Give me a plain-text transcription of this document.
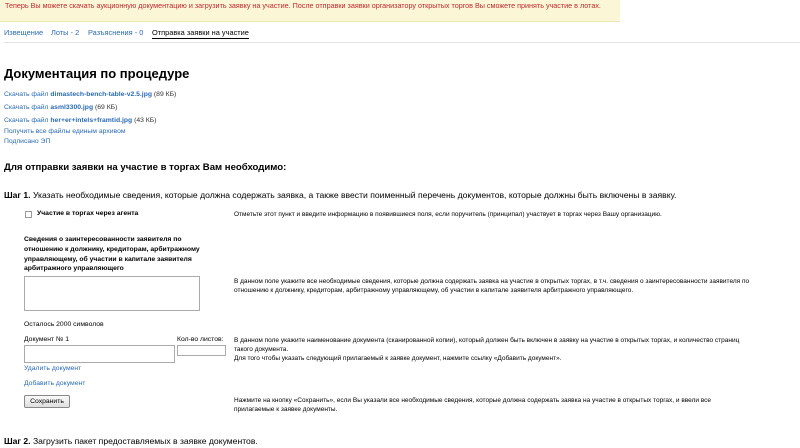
Теперь Вы можете скачать аукционную документацию и загрузить заявку на участие. После отправки заявки организатору открытых торгов Вы сможете принять участие в лотах.
Извещение Лоты - 2 Разъяснения - 0 Отправка заявки на участие
Документация по процедуре
Скачать файл dimastech-bench-table-v2.5.jpg (89 КБ)
Скачать файл asml3300.jpg (69 КБ)
Скачать файл her+er+intels+framtid.jpg (43 КБ)
Получить все файлы единым архивом
Подписано ЭП
Для отправки заявки на участие в торгах Вам необходимо:
Шаг 1. Указать необходимые сведения, которые должна содержать заявка, а также ввести поименный перечень документов, которые должны быть включены в заявку.
Участие в торгах через агента	Отметьте этот пункт и введите информацию в появившиеся поля, если поручитель (принципал) участвует в торгах через Вашу организацию.
Сведения о заинтересованности заявителя по
отношению к должнику, кредиторам, арбитражному
управляющему, об участии в капитале заявителя
арбитражного управляющего
В данном поле укажите все необходимые сведения, которые должна содержать заявка на участие в открытых торгах, в т.ч. сведения о заинтересованности заявителя по
отношению к должнику, кредиторам, арбитражному управляющему, об участии в капитале заявителя арбитражного управляющего.
Осталось 2000 символов
Документ № 1	Кол-во листов:
Удалить документ
Добавить документ
В данном поле укажите наименование документа (сканированной копии), который должен быть включен в заявку на участие в открытых торгах, и количество страниц
такого документа.
Для того чтобы указать следующий прилагаемый к заявке документ, нажмите ссылку «Добавить документ».
Сохранить	Нажмите на кнопку «Сохранить», если Вы указали все необходимые сведения, которые должна содержать заявка на участие в открытых торгах, и ввели все
прилагаемые к заявке документы.
Шаг 2. Загрузить пакет предоставляемых в заявке документов.
